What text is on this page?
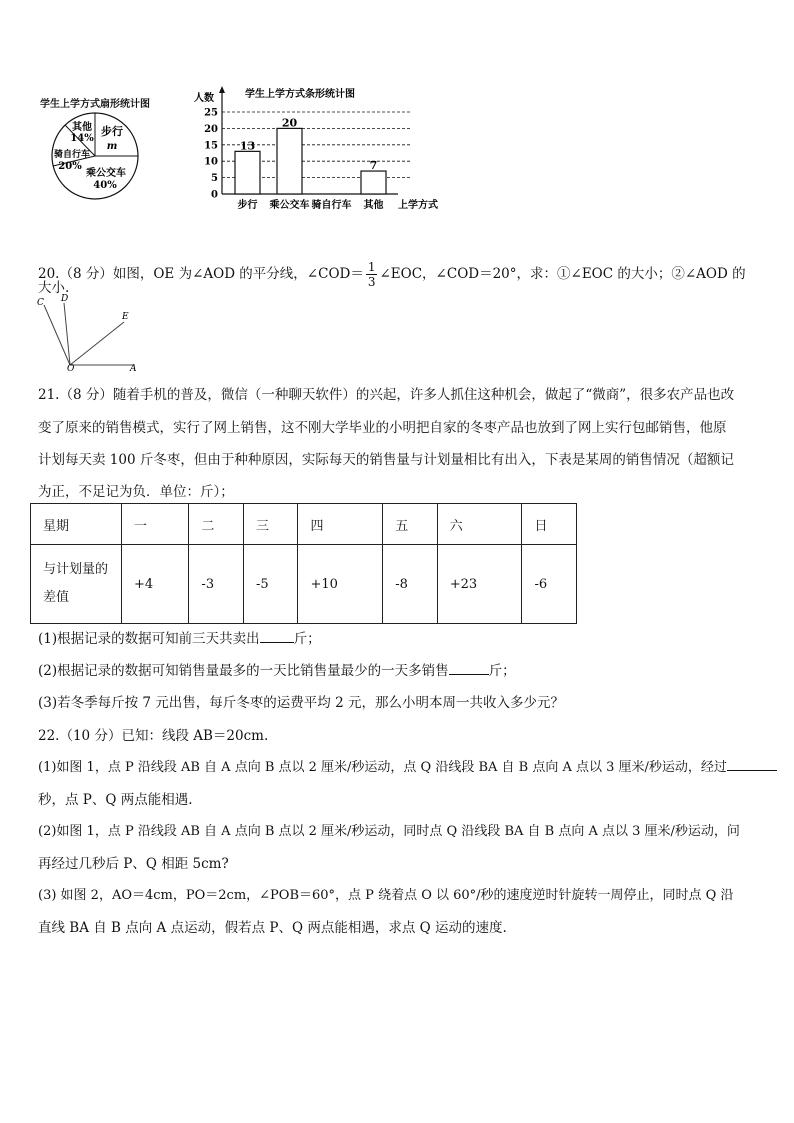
学生上学方式扇形统计图
步行
m
其他
14%
骑自行车
20%
乘公交车
40%
学生上学方式条形统计图
人数
0
5
10
15
20
25
13
20
7
步行 乘公交车 骑自行车 其他 上学方式
20.（8 分）如图，OE 为∠AOD 的平分线，∠COD＝ $\frac{1}{3}$ ∠EOC，∠COD＝20°，求：①∠EOC 的大小；②∠AOD 的
大小.
C D
E
O	A
21.（8 分）随着手机的普及，微信（一种聊天软件）的兴起，许多人抓住这种机会，做起了“微商”，很多农产品也改
变了原来的销售模式，实行了网上销售，这不刚大学毕业的小明把自家的冬枣产品也放到了网上实行包邮销售，他原
计划每天卖 100 斤冬枣，但由于种种原因，实际每天的销售量与计划量相比有出入，下表是某周的销售情况（超额记
为正，不足记为负．单位：斤）；
星期	一	二	三	四	五	六	日

与计划量的
差值	+4	-3	-5	+10	-8	+23	-6
(1)根据记录的数据可知前三天共卖出	斤；
(2)根据记录的数据可知销售量最多的一天比销售量最少的一天多销售	斤；
(3)若冬季每斤按 7 元出售，每斤冬枣的运费平均 2 元，那么小明本周一共收入多少元？
22.（10 分）已知：线段 AB＝20cm.
(1)如图 1，点 P 沿线段 AB 自 A 点向 B 点以 2 厘米/秒运动，点 Q 沿线段 BA 自 B 点向 A 点以 3 厘米/秒运动，经过
秒，点 P、Q 两点能相遇.
(2)如图 1，点 P 沿线段 AB 自 A 点向 B 点以 2 厘米/秒运动，同时点 Q 沿线段 BA 自 B 点向 A 点以 3 厘米/秒运动，问
再经过几秒后 P、Q 相距 5cm?
(3) 如图 2，AO＝4cm，PO＝2cm，∠POB＝60°，点 P 绕着点 O 以 60°/秒的速度逆时针旋转一周停止，同时点 Q 沿
直线 BA 自 B 点向 A 点运动，假若点 P、Q 两点能相遇，求点 Q 运动的速度.
